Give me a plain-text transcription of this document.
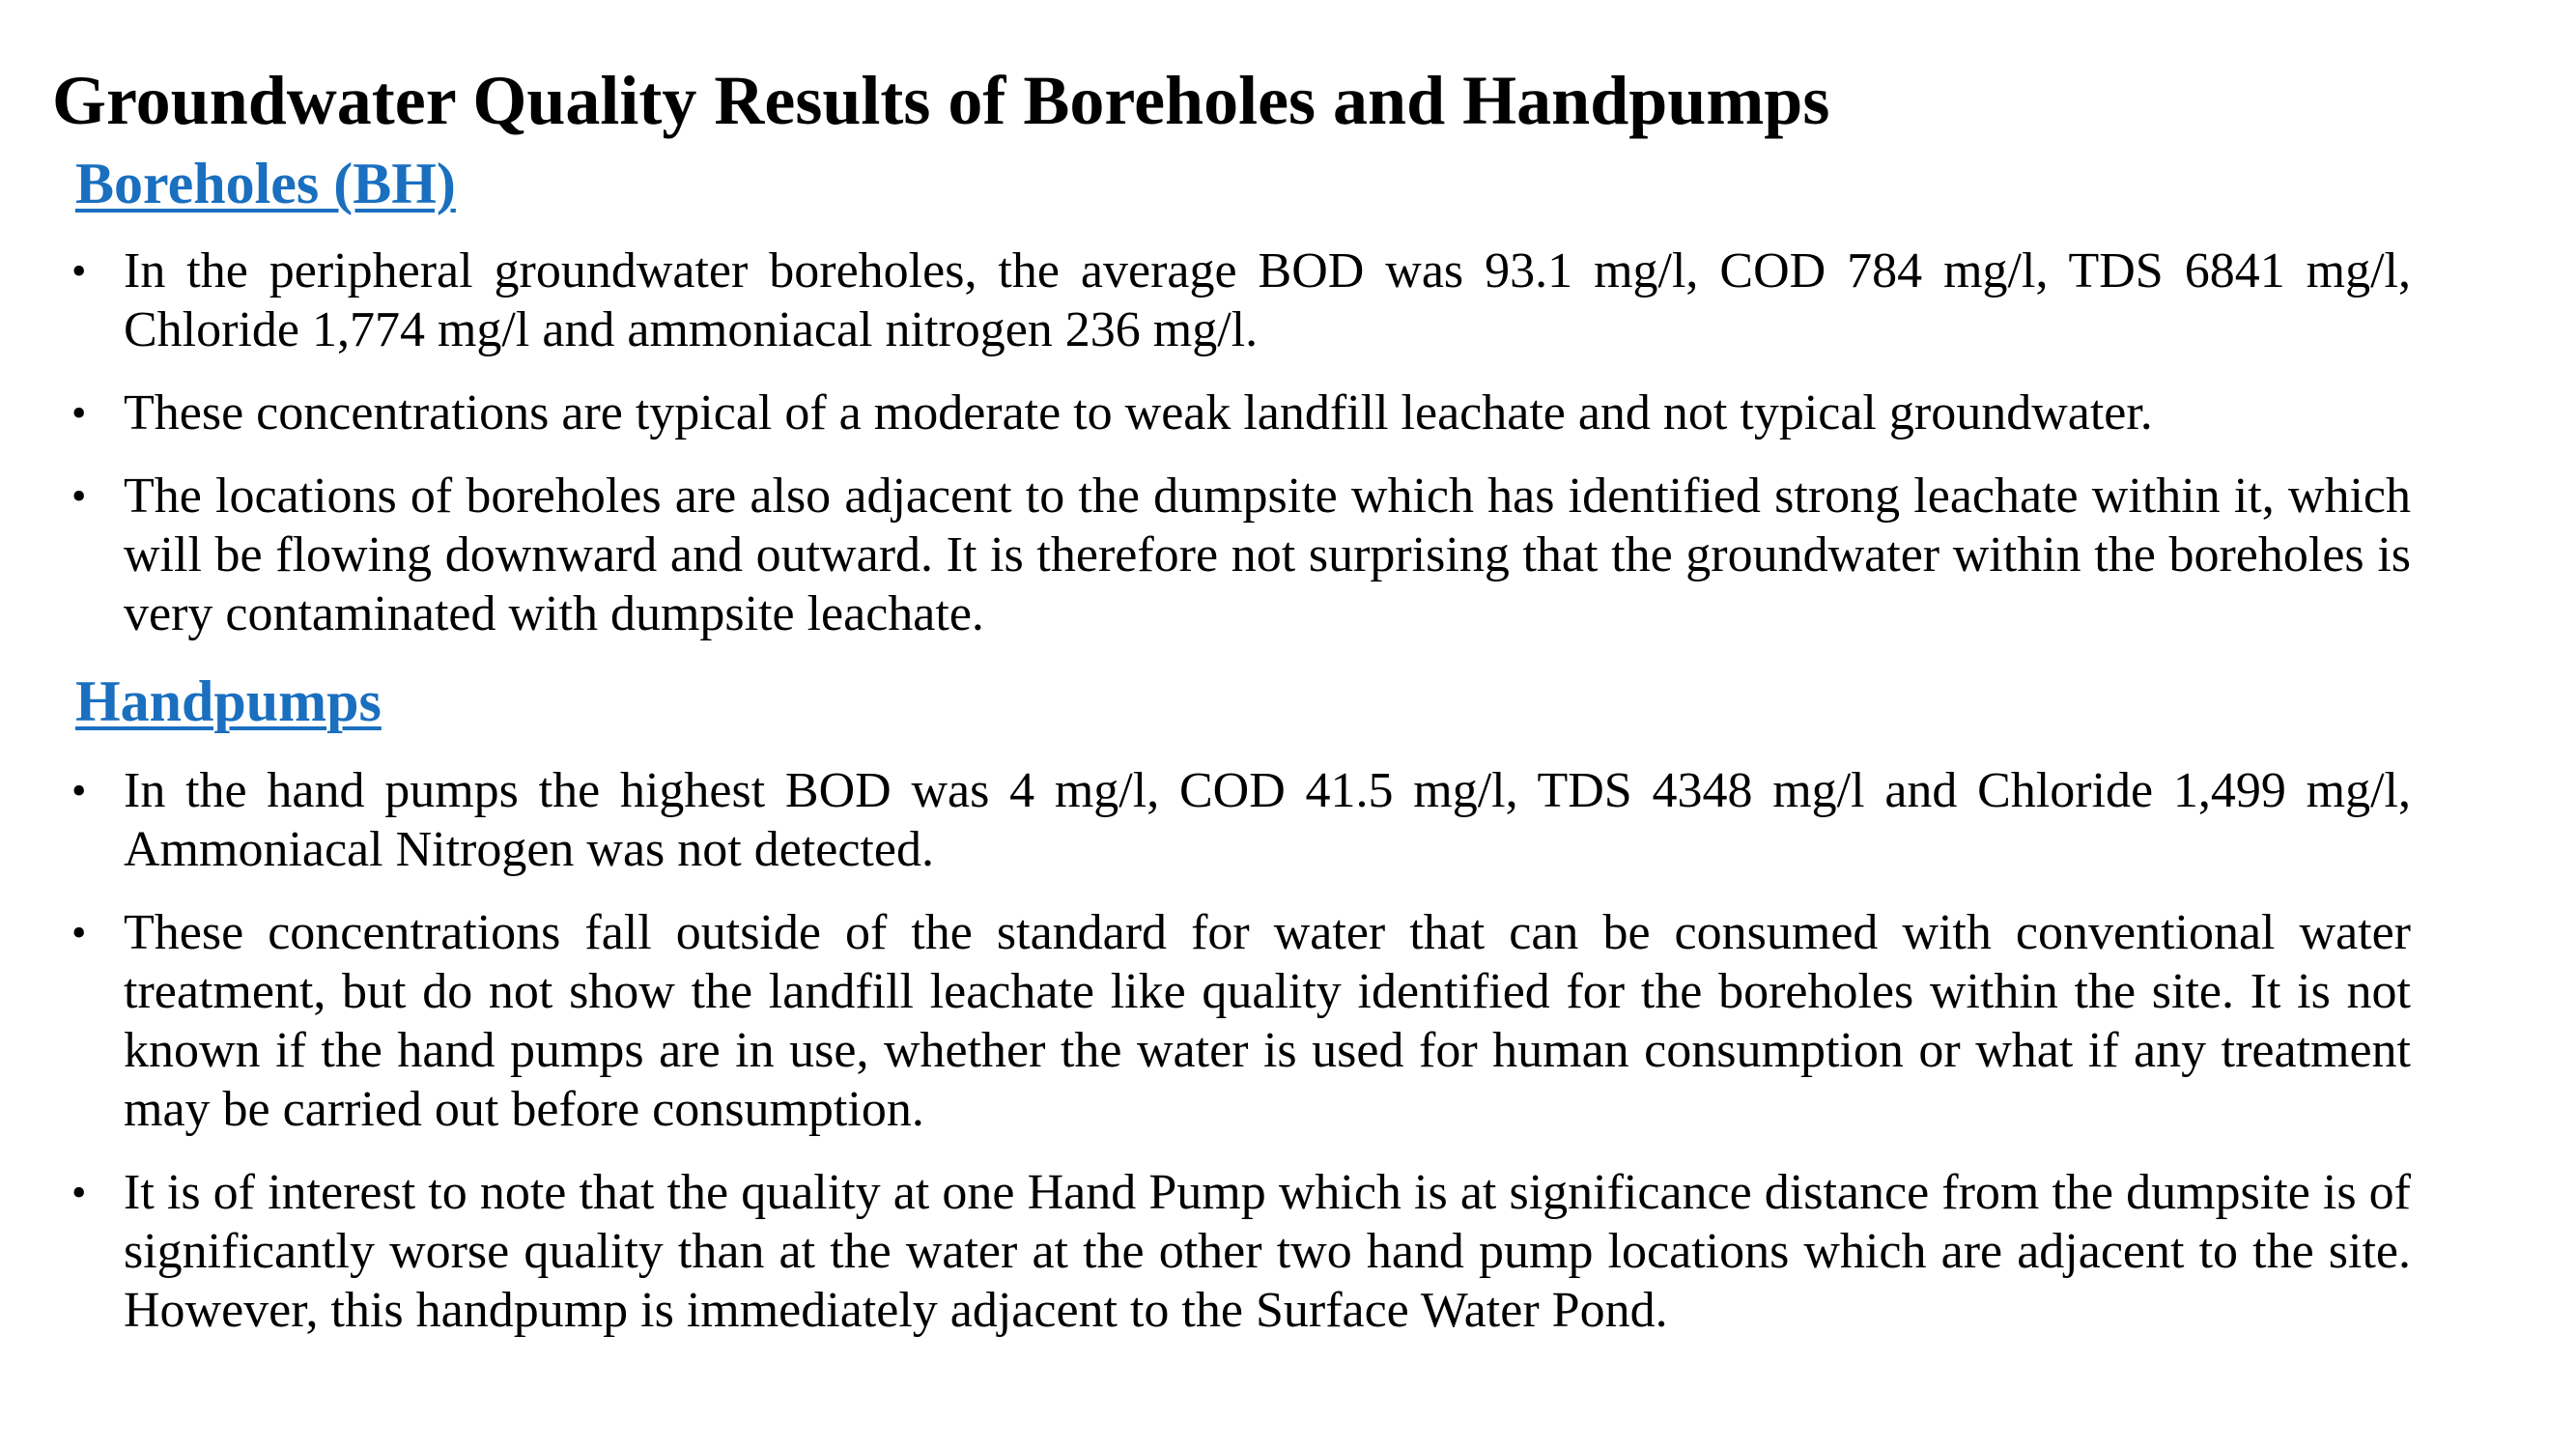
Groundwater Quality Results of Boreholes and Handpumps
Boreholes (BH)
• In the peripheral groundwater boreholes, the average BOD was 93.1 mg/l, COD 784 mg/l, TDS 6841 mg/l, Chloride 1,774 mg/l and ammoniacal nitrogen 236 mg/l.
• These concentrations are typical of a moderate to weak landfill leachate and not typical groundwater.
• The locations of boreholes are also adjacent to the dumpsite which has identified strong leachate within it, which will be flowing downward and outward. It is therefore not surprising that the groundwater within the boreholes is very contaminated with dumpsite leachate.
Handpumps
• In the hand pumps the highest BOD was 4 mg/l, COD 41.5 mg/l, TDS 4348 mg/l and Chloride 1,499 mg/l, Ammoniacal Nitrogen was not detected.
• These concentrations fall outside of the standard for water that can be consumed with conventional water treatment, but do not show the landfill leachate like quality identified for the boreholes within the site. It is not known if the hand pumps are in use, whether the water is used for human consumption or what if any treatment may be carried out before consumption.
• It is of interest to note that the quality at one Hand Pump which is at significance distance from the dumpsite is of significantly worse quality than at the water at the other two hand pump locations which are adjacent to the site. However, this handpump is immediately adjacent to the Surface Water Pond.
